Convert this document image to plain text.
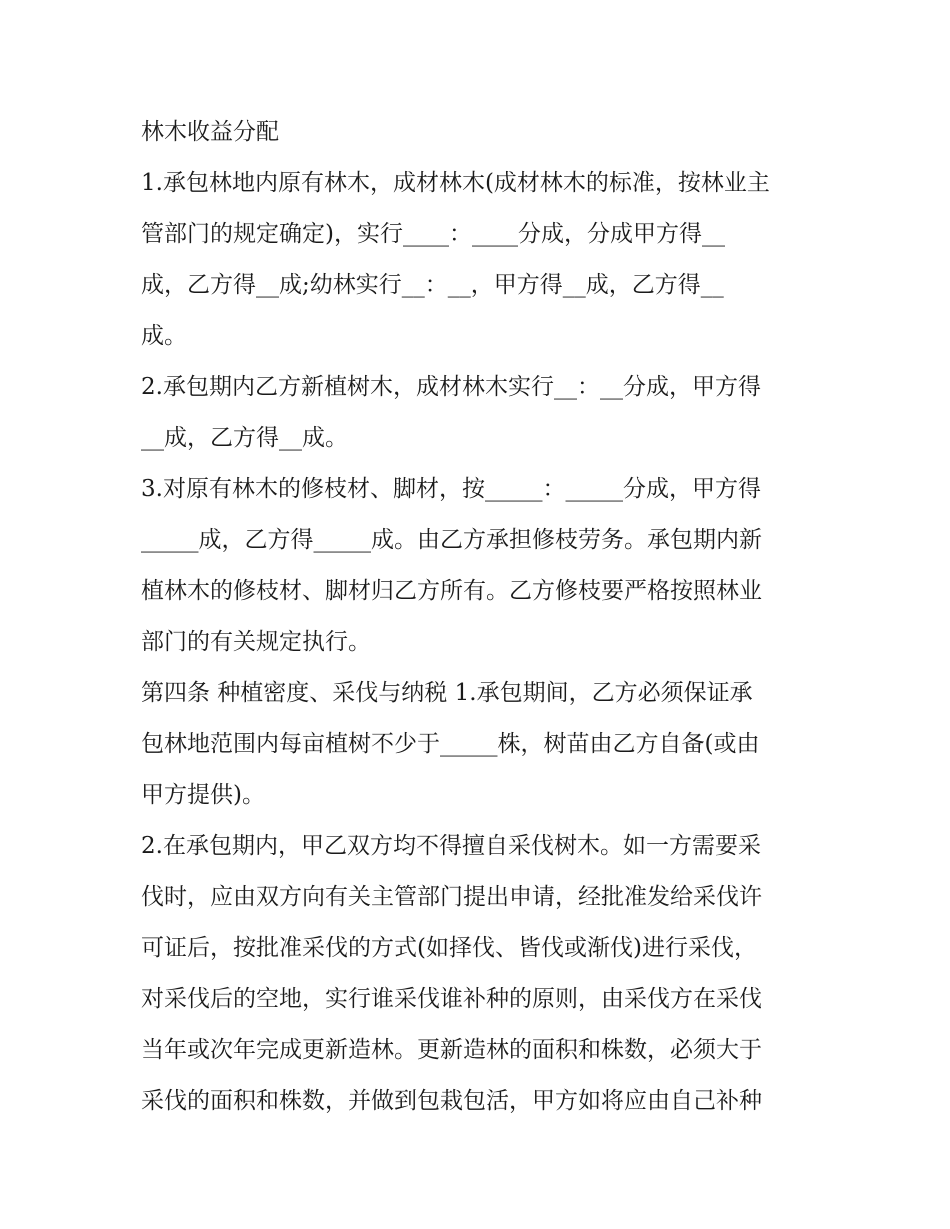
林木收益分配
1.承包林地内原有林木，成材林木(成材林木的标准，按林业主
管部门的规定确定)，实行____：____分成，分成甲方得__
成，乙方得__成;幼林实行__：__，甲方得__成，乙方得__
成。
2.承包期内乙方新植树木，成材林木实行__：__分成，甲方得
__成，乙方得__成。
3.对原有林木的修枝材、脚材，按_____：_____分成，甲方得
_____成，乙方得_____成。由乙方承担修枝劳务。承包期内新
植林木的修枝材、脚材归乙方所有。乙方修枝要严格按照林业
部门的有关规定执行。
第四条 种植密度、采伐与纳税 1.承包期间，乙方必须保证承
包林地范围内每亩植树不少于_____株，树苗由乙方自备(或由
甲方提供)。
2.在承包期内，甲乙双方均不得擅自采伐树木。如一方需要采
伐时，应由双方向有关主管部门提出申请，经批准发给采伐许
可证后，按批准采伐的方式(如择伐、皆伐或渐伐)进行采伐，
对采伐后的空地，实行谁采伐谁补种的原则，由采伐方在采伐
当年或次年完成更新造林。更新造林的面积和株数，必须大于
采伐的面积和株数，并做到包栽包活，甲方如将应由自己补种
